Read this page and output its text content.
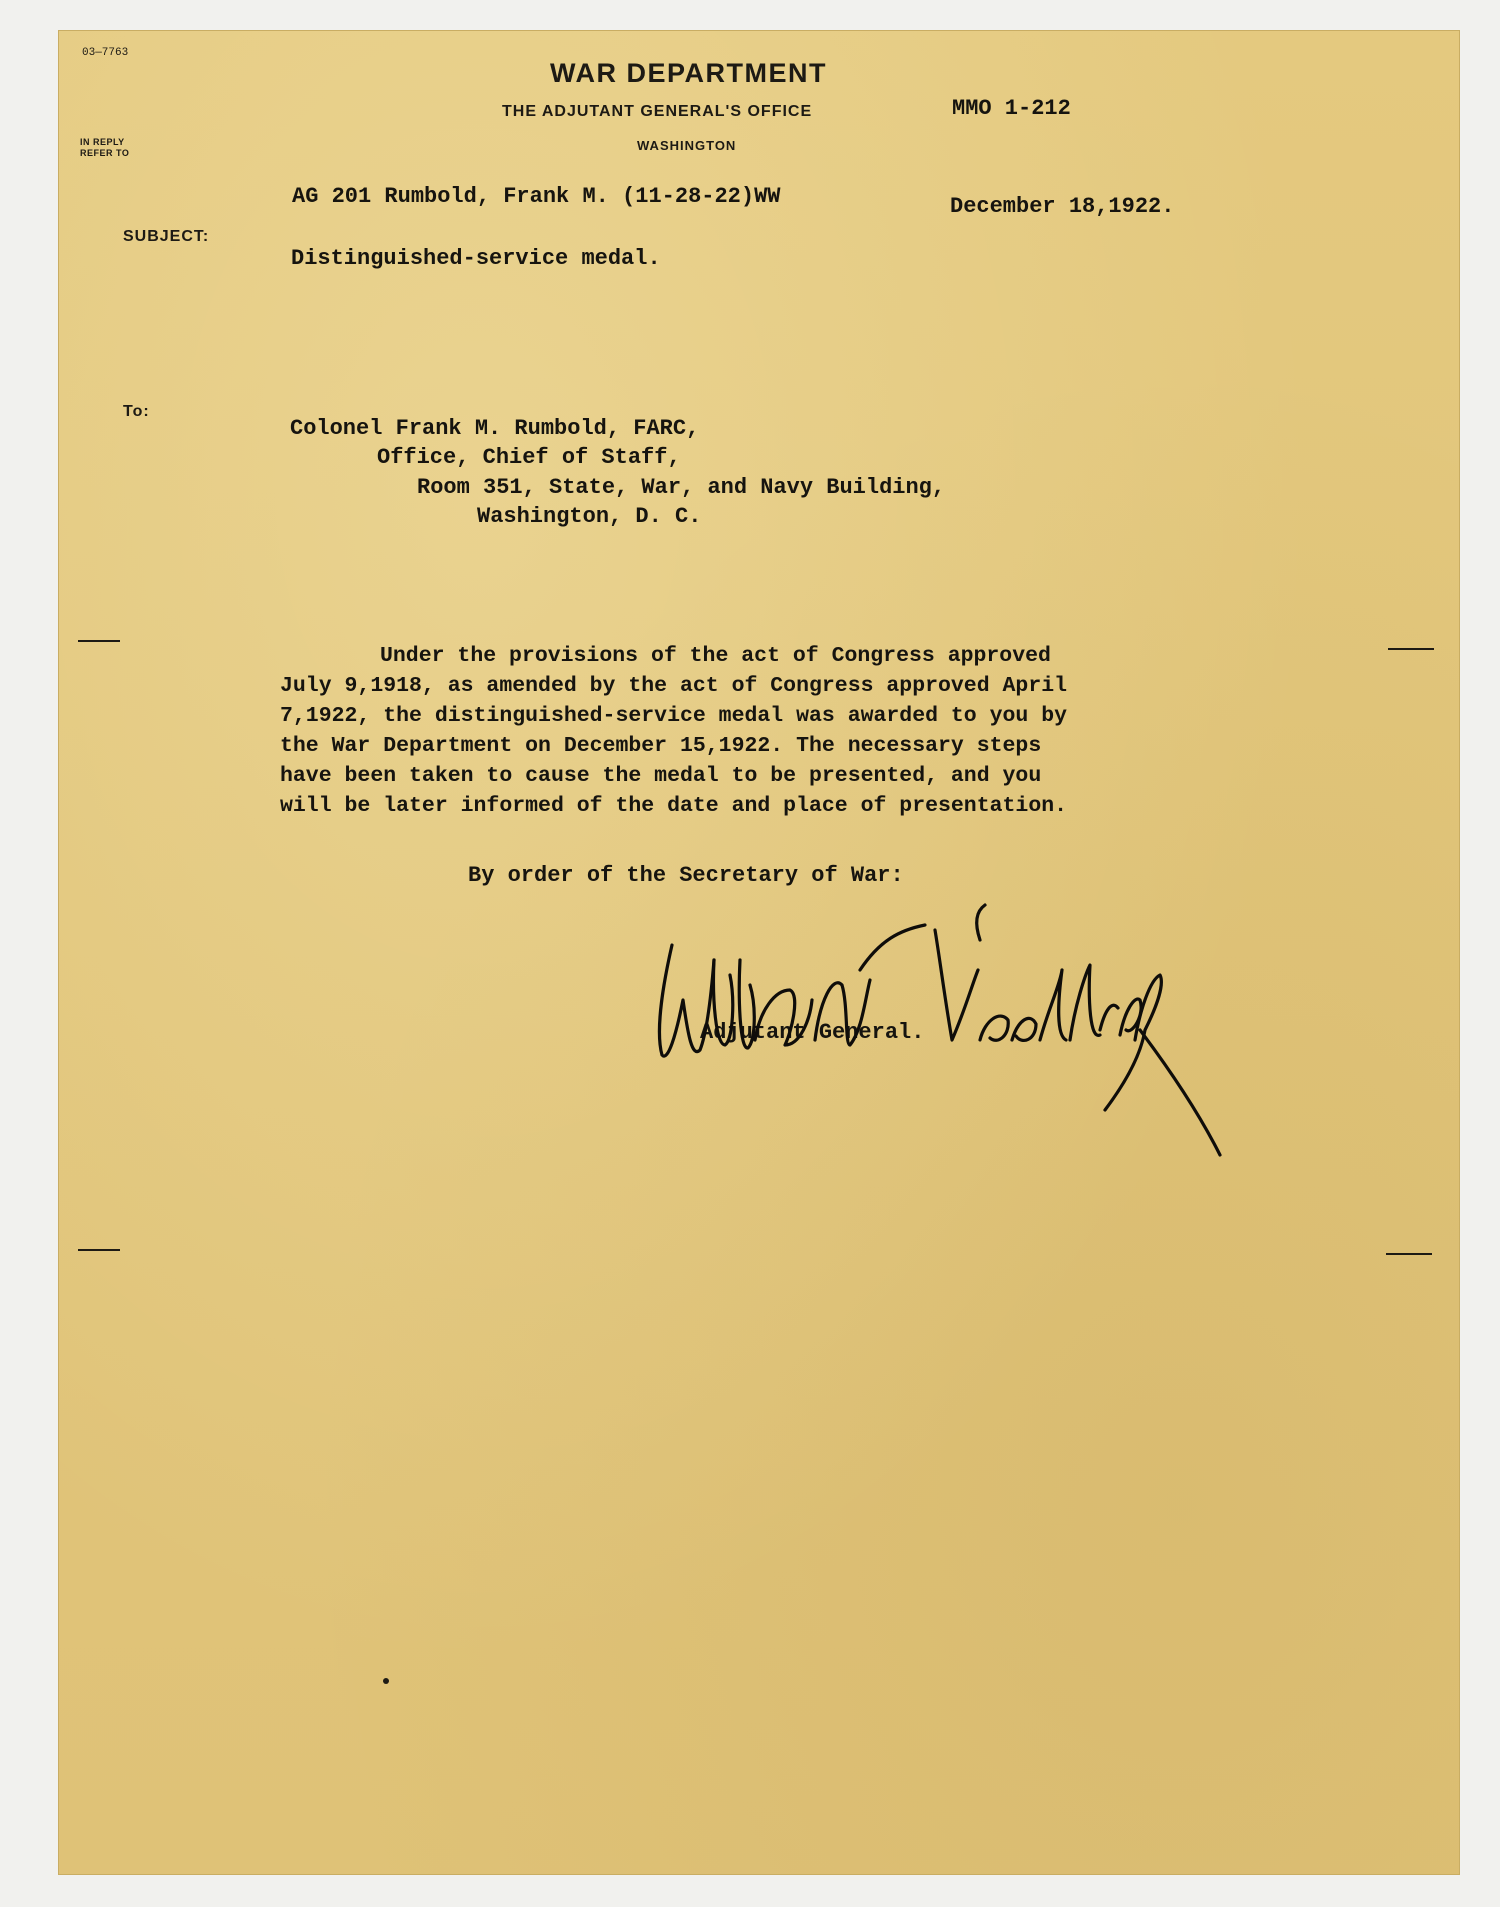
03—7763
WAR DEPARTMENT
THE ADJUTANT GENERAL'S OFFICE
WASHINGTON
IN REPLY
REFER TO
MMO 1-212
AG 201 Rumbold, Frank M. (11-28-22)WW	December 18,1922.
SUBJECT:
Distinguished-service medal.
To:
Colonel Frank M. Rumbold, FARC,
Office, Chief of Staff,
Room 351, State, War, and Navy Building,
Washington, D. C.
Under the provisions of the act of Congress approved
July 9,1918, as amended by the act of Congress approved April
7,1922, the distinguished-service medal was awarded to you by
the War Department on December 15,1922. The necessary steps
have been taken to cause the medal to be presented, and you
will be later informed of the date and place of presentation.
By order of the Secretary of War:
Adjutant General.
